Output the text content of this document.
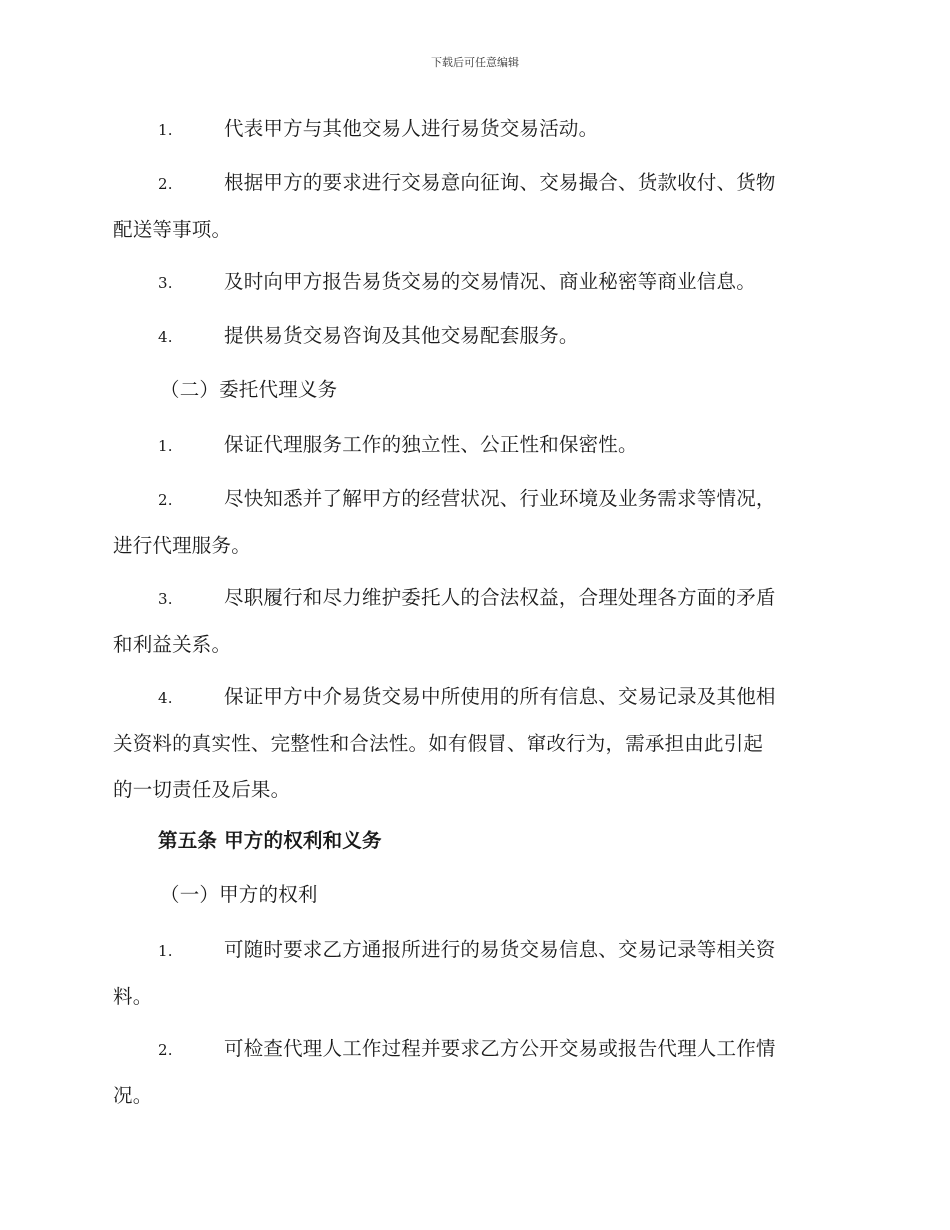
下载后可任意编辑
1.	代表甲方与其他交易人进行易货交易活动。
2.	根据甲方的要求进行交易意向征询、交易撮合、货款收付、货物
配送等事项。
3.	及时向甲方报告易货交易的交易情况、商业秘密等商业信息。
4.	提供易货交易咨询及其他交易配套服务。
（二）委托代理义务
1.	保证代理服务工作的独立性、公正性和保密性。
2.	尽快知悉并了解甲方的经营状况、行业环境及业务需求等情况，
进行代理服务。
3.	尽职履行和尽力维护委托人的合法权益，合理处理各方面的矛盾
和利益关系。
4.	保证甲方中介易货交易中所使用的所有信息、交易记录及其他相
关资料的真实性、完整性和合法性。如有假冒、窜改行为，需承担由此引起
的一切责任及后果。
第五条 甲方的权利和义务
（一）甲方的权利
1.	可随时要求乙方通报所进行的易货交易信息、交易记录等相关资
料。
2.	可检查代理人工作过程并要求乙方公开交易或报告代理人工作情
况。
